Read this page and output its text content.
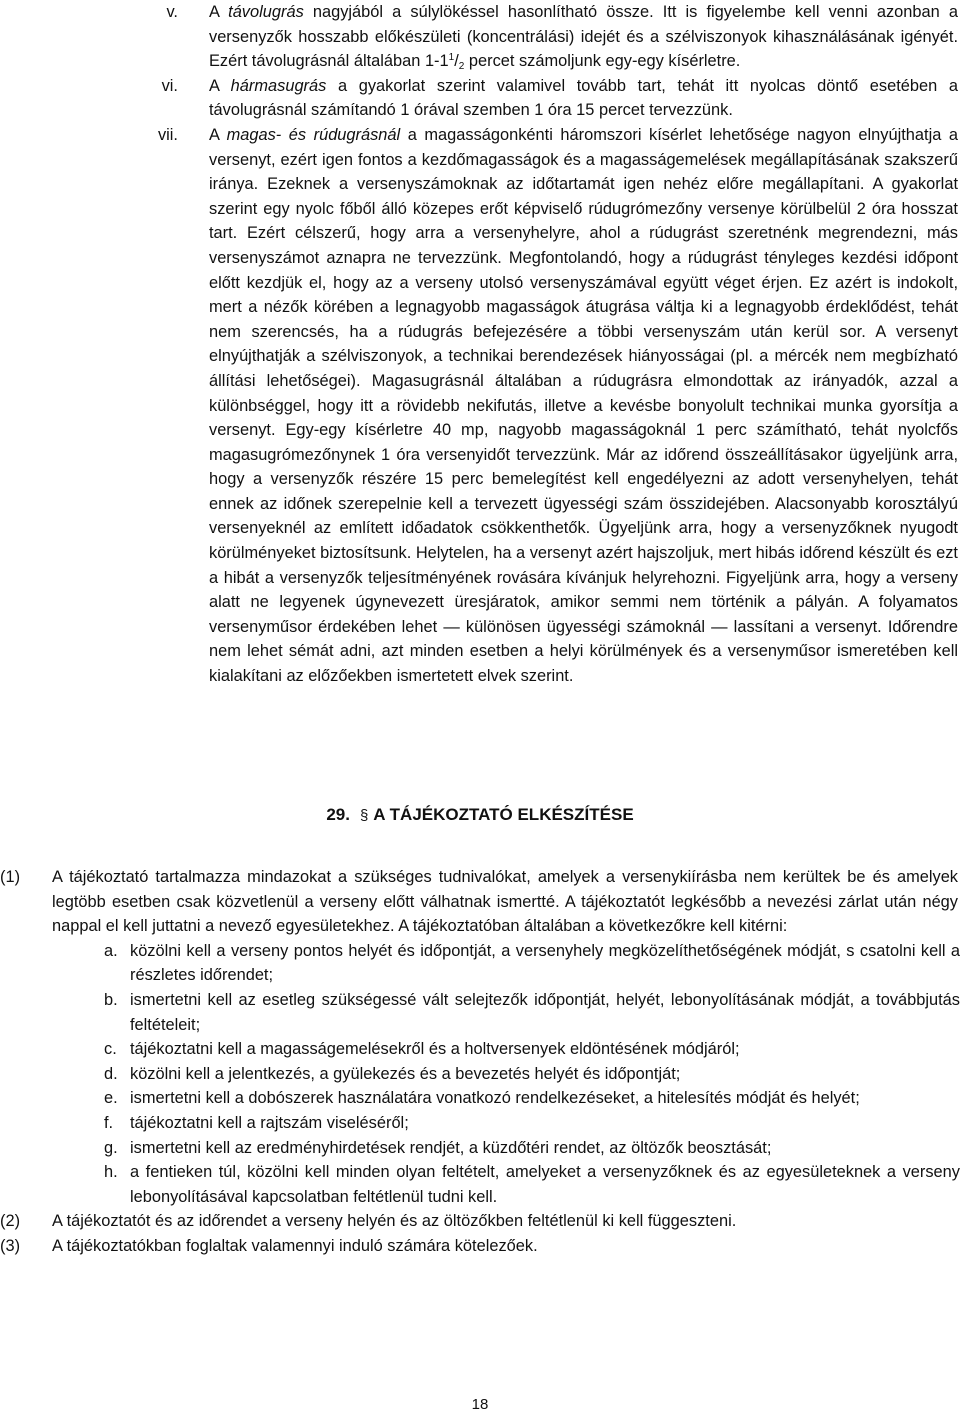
v. A távolugrás nagyjából a súlylökéssel hasonlítható össze. Itt is figyelembe kell venni azonban a versenyzők hosszabb előkészületi (koncentrálási) idejét és a szélviszonyok kihasználásának igényét. Ezért távolugrásnál általában $1-1^1/_2$ percet számoljunk egy-egy kísérletre.
vi. A hármasugrás a gyakorlat szerint valamivel tovább tart, tehát itt nyolcas döntő esetében a távolugrásnál számítandó 1 órával szemben 1 óra 15 percet tervezzünk.
vii. A magas- és rúdugrásnál a magasságonkénti háromszori kísérlet lehetősége nagyon elnyújthatja a versenyt, ezért igen fontos a kezdőmagasságok és a magasságemelések megállapításának szakszerű iránya. Ezeknek a versenyszámoknak az időtartamát igen nehéz előre megállapítani. A gyakorlat szerint egy nyolc főből álló közepes erőt képviselő rúdugrómezőny versenye körülbelül 2 óra hosszat tart. Ezért célszerű, hogy arra a versenyhelyre, ahol a rúdugrást szeretnénk megrendezni, más versenyszámot aznapra ne tervezzünk. Megfontolandó, hogy a rúdugrást tényleges kezdési időpont előtt kezdjük el, hogy az a verseny utolsó versenyszámával együtt véget érjen. Ez azért is indokolt, mert a nézők körében a legnagyobb magasságok átugrása váltja ki a legnagyobb érdeklődést, tehát nem szerencsés, ha a rúdugrás befejezésére a többi versenyszám után kerül sor. A versenyt elnyújthatják a szélviszonyok, a technikai berendezések hiányosságai (pl. a mércék nem megbízható állítási lehetőségei). Magasugrásnál általában a rúdugrásra elmondottak az irányadók, azzal a különbséggel, hogy itt a rövidebb nekifutás, illetve a kevésbe bonyolult technikai munka gyorsítja a versenyt. Egy-egy kísérletre 40 mp, nagyobb magasságoknál 1 perc számítható, tehát nyolcfős magasugrómezőnynek 1 óra versenyidőt tervezzünk. Már az időrend összeállításakor ügyeljünk arra, hogy a versenyzők részére 15 perc bemelegítést kell engedélyezni az adott versenyhelyen, tehát ennek az időnek szerepelnie kell a tervezett ügyességi szám összidejében. Alacsonyabb korosztályú versenyeknél az említett időadatok csökkenthetők. Ügyeljünk arra, hogy a versenyzőknek nyugodt körülményeket biztosítsunk. Helytelen, ha a versenyt azért hajszoljuk, mert hibás időrend készült és ezt a hibát a versenyzők teljesítményének rovására kívánjuk helyrehozni. Figyeljünk arra, hogy a verseny alatt ne legyenek úgynevezett üresjáratok, amikor semmi nem történik a pályán. A folyamatos versenyműsor érdekében lehet — különösen ügyességi számoknál — lassítani a versenyt. Időrendre nem lehet sémát adni, azt minden esetben a helyi körülmények és a versenyműsor ismeretében kell kialakítani az előzőekben ismertetett elvek szerint.
29. § A TÁJÉKOZTATÓ ELKÉSZÍTÉSE
(1) A tájékoztató tartalmazza mindazokat a szükséges tudnivalókat, amelyek a versenykiírásba nem kerültek be és amelyek legtöbb esetben csak közvetlenül a verseny előtt válhatnak ismertté. A tájékoztatót legkésőbb a nevezési zárlat után négy nappal el kell juttatni a nevező egyesületekhez. A tájékoztatóban általában a következőkre kell kitérni:
a. közölni kell a verseny pontos helyét és időpontját, a versenyhely megközelíthetőségének módját, s csatolni kell a részletes időrendet;
b. ismertetni kell az esetleg szükségessé vált selejtezők időpontját, helyét, lebonyolításának módját, a továbbjutás feltételeit;
c. tájékoztatni kell a magasságemelésekről és a holtversenyek eldöntésének módjáról;
d. közölni kell a jelentkezés, a gyülekezés és a bevezetés helyét és időpontját;
e. ismertetni kell a dobószerek használatára vonatkozó rendelkezéseket, a hitelesítés módját és helyét;
f. tájékoztatni kell a rajtszám viseléséről;
g. ismertetni kell az eredményhirdetések rendjét, a küzdőtéri rendet, az öltözők beosztását;
h. a fentieken túl, közölni kell minden olyan feltételt, amelyeket a versenyzőknek és az egyesületeknek a verseny lebonyolításával kapcsolatban feltétlenül tudni kell.
(2) A tájékoztatót és az időrendet a verseny helyén és az öltözőkben feltétlenül ki kell függeszteni.
(3) A tájékoztatókban foglaltak valamennyi induló számára kötelezőek.
18
